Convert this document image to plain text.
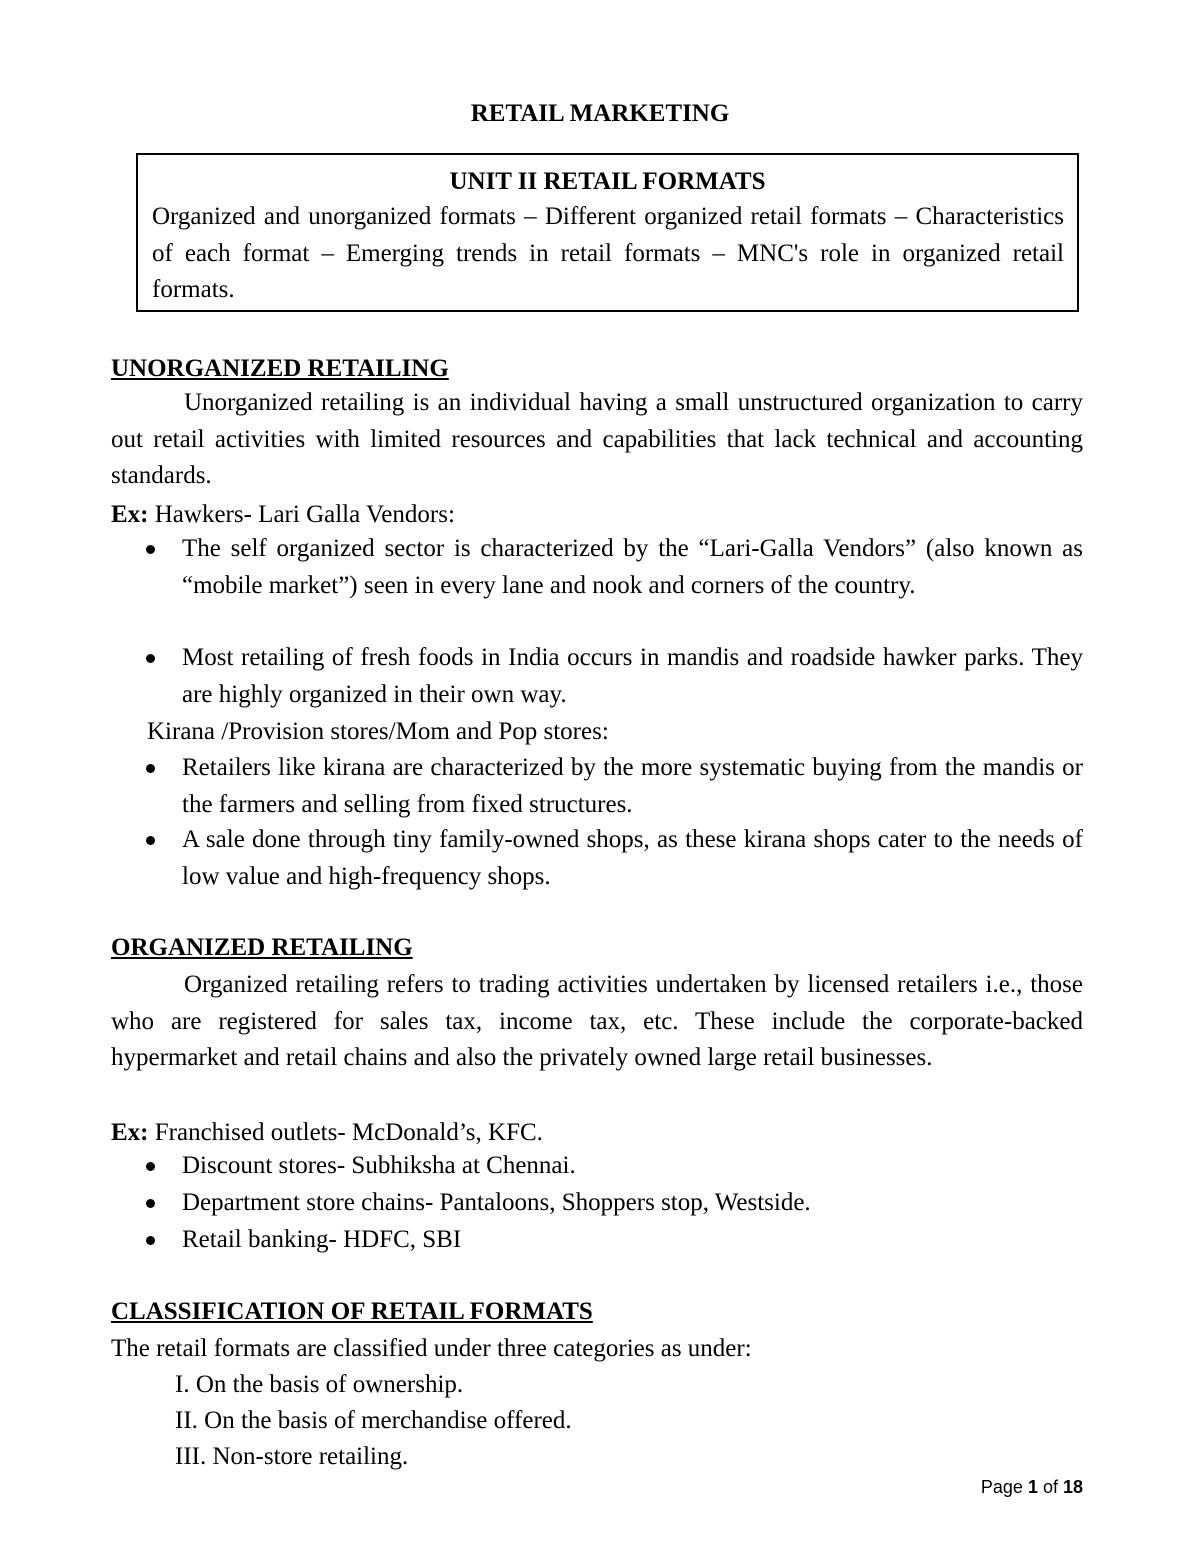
RETAIL MARKETING
UNIT II RETAIL FORMATS
Organized and unorganized formats – Different organized retail formats – Characteristics of each format – Emerging trends in retail formats – MNC's role in organized retail formats.
UNORGANIZED RETAILING
Unorganized retailing is an individual having a small unstructured organization to carry out retail activities with limited resources and capabilities that lack technical and accounting standards.
Ex: Hawkers- Lari Galla Vendors:
The self organized sector is characterized by the “Lari-Galla Vendors” (also known as “mobile market”) seen in every lane and nook and corners of the country.
Most retailing of fresh foods in India occurs in mandis and roadside hawker parks. They are highly organized in their own way.
Kirana /Provision stores/Mom and Pop stores:
Retailers like kirana are characterized by the more systematic buying from the mandis or the farmers and selling from fixed structures.
A sale done through tiny family-owned shops, as these kirana shops cater to the needs of low value and high-frequency shops.
ORGANIZED RETAILING
Organized retailing refers to trading activities undertaken by licensed retailers i.e., those who are registered for sales tax, income tax, etc. These include the corporate-backed hypermarket and retail chains and also the privately owned large retail businesses.
Ex: Franchised outlets- McDonald’s, KFC.
Discount stores- Subhiksha at Chennai.
Department store chains- Pantaloons, Shoppers stop, Westside.
Retail banking- HDFC, SBI
CLASSIFICATION OF RETAIL FORMATS
The retail formats are classified under three categories as under:
I. On the basis of ownership.
II. On the basis of merchandise offered.
III. Non-store retailing.
Page 1 of 18
